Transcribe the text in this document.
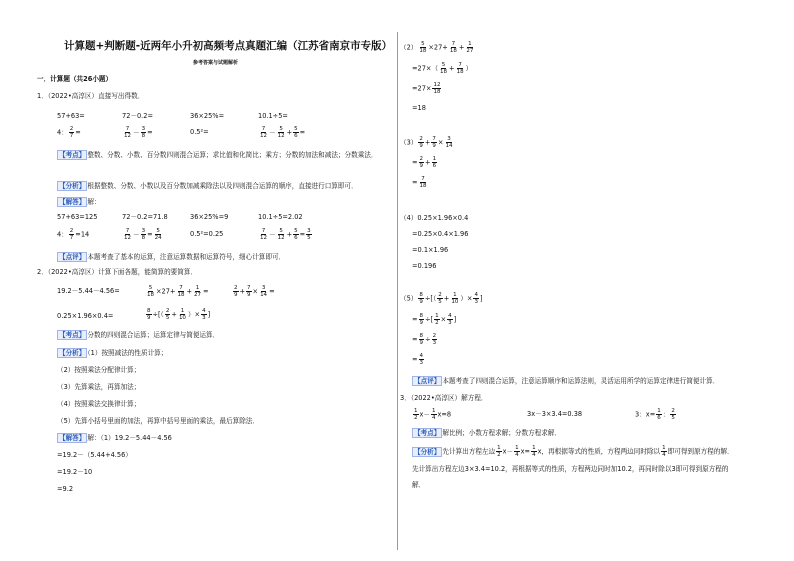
计算题+判断题-近两年小升初高频考点真题汇编（江苏省南京市专版）
参考答案与试题解析
一．计算题（共26小题）
1．（2022•高淳区）直接写出得数．
57+63=	72－0.2=	36×25%=	10.1÷5=
4： $\frac{2}{7}$ =	$\frac{7}{12} - \frac{3}{8}$ =	0.5²=	$\frac{7}{12} - \frac{5}{12} + \frac{5}{6}$ =
【考点】 整数、分数、小数、百分数四则混合运算；求比值和化简比；乘方；分数的加法和减法；分数乘法．
【分析】 根据整数、分数、小数以及百分数加减乘除法以及四则混合运算的顺序，直接进行口算即可．
【解答】 解：
57+63=125	72－0.2=71.8	36×25%=9	10.1÷5=2.02
4： $\frac{2}{7} =14$	$\frac{7}{12} - \frac{3}{8} = \frac{5}{24}$	0.5²=0.25	$\frac{7}{12} - \frac{5}{12} + \frac{5}{6} = \frac{3}{5}$
【点评】 本题考查了基本的运算，注意运算数据和运算符号，细心计算即可．
2．（2022•高淳区）计算下面各题，能简算的要简算．
19.2－5.44－4.56=	$\frac{5}{18} \times 27+ \frac{7}{18} + \frac{1}{27}$ =	$\frac{2}{9} + \frac{7}{9} \times \frac{3}{14}$ =
0.25×1.96×0.4=	$\frac{8}{9}$ ÷[（ $\frac{2}{5} + \frac{1}{10}$ ）× $\frac{4}{3}$ ]
【考点】 分数的四则混合运算；运算定律与简便运算．
【分析】 （1）按照减法的性质计算；
（2）按照乘法分配律计算；
（3）先算乘法，再算加法；
（4）按照乘法交换律计算；
（5）先算小括号里面的加法，再算中括号里面的乘法，最后算除法．
【解答】 解：（1）19.2－5.44－4.56
=19.2－（5.44+4.56）
=19.2－10
=9.2
$(2) \frac{5}{18} \times 27+ \frac{7}{18} + \frac{1}{27}$
$=27\times( \frac{5}{18} + \frac{7}{18}$ ）
$=27\times \frac{12}{18}$
=18
$(3) \frac{2}{9} + \frac{7}{9} \times \frac{3}{14}$
= $\frac{2}{9} + \frac{1}{6}$
= $\frac{7}{18}$
（4）0.25×1.96×0.4
=0.25×0.4×1.96
=0.1×1.96
=0.196
$(5) \frac{8}{9}$ ÷[（ $\frac{2}{5} + \frac{1}{10}$ ）× $\frac{4}{3}$ ]
= $\frac{8}{9}$ ÷[ $\frac{1}{2} \times \frac{4}{3}$ ]
= $\frac{8}{9} \div \frac{2}{3}$
= $\frac{4}{3}$
【点评】 本题考查了四则混合运算，注意运算顺序和运算法则，灵活运用所学的运算定律进行简便计算．
3．（2022•高淳区）解方程．
$\frac{1}{2} x- \frac{1}{4} x=8$	3x－3×3.4=0.38	3：$x= \frac{1}{6}$ ： $\frac{2}{5}$
【考点】 解比例；小数方程求解；分数方程求解．
【分析】 先计算出方程左边 $\frac{1}{2} x- \frac{1}{4} x= \frac{1}{4}$ x，再根据等式的性质，方程两边同时除以 $\frac{1}{4}$ 即可得到原方程的解．
先计算出方程左边3×3.4=10.2，再根据等式的性质，方程两边同时加10.2，再同时除以3即可得到原方程的
解．
